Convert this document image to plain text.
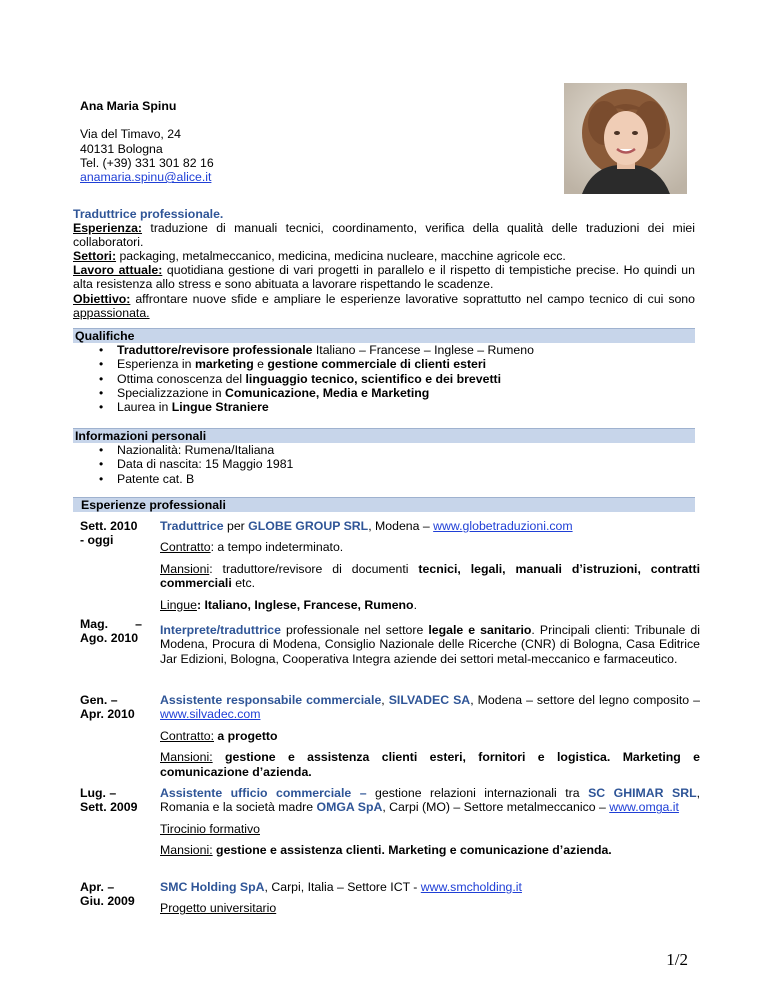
Ana Maria Spinu
Via del Timavo, 24
40131 Bologna
Tel. (+39) 331 301 82 16
anamaria.spinu@alice.it
Traduttrice professionale.
Esperienza: traduzione di manuali tecnici, coordinamento, verifica della qualità delle traduzioni dei miei collaboratori.
Settori: packaging, metalmeccanico, medicina, medicina nucleare, macchine agricole ecc.
Lavoro attuale: quotidiana gestione di vari progetti in parallelo e il rispetto di tempistiche precise. Ho quindi un alta resistenza allo stress e sono abituata a lavorare rispettando le scadenze.
Obiettivo: affrontare nuove sfide e ampliare le esperienze lavorative soprattutto nel campo tecnico di cui sono appassionata.
Qualifiche
• Traduttore/revisore professionale Italiano – Francese – Inglese – Rumeno
• Esperienza in marketing e gestione commerciale di clienti esteri
• Ottima conoscenza del linguaggio tecnico, scientifico e dei brevetti
• Specializzazione in Comunicazione, Media e Marketing
• Laurea in Lingue Straniere
Informazioni personali
• Nazionalità: Rumena/Italiana
• Data di nascita: 15 Maggio 1981
• Patente cat. B
Esperienze professionali
Sett. 2010
- oggi
Traduttrice per GLOBE GROUP SRL, Modena – www.globetraduzioni.com
Contratto: a tempo indeterminato.
Mansioni: traduttore/revisore di documenti tecnici, legali, manuali d’istruzioni, contratti commerciali etc.
Lingue: Italiano, Inglese, Francese, Rumeno.
Mag. –
Ago. 2010
Interprete/traduttrice professionale nel settore legale e sanitario. Principali clienti: Tribunale di Modena, Procura di Modena, Consiglio Nazionale delle Ricerche (CNR) di Bologna, Casa Editrice Jar Edizioni, Bologna, Cooperativa Integra aziende dei settori metal-meccanico e farmaceutico.
Gen. –
Apr. 2010
Assistente responsabile commerciale, SILVADEC SA, Modena – settore del legno composito – www.silvadec.com
Contratto: a progetto
Mansioni: gestione e assistenza clienti esteri, fornitori e logistica. Marketing e comunicazione d’azienda.
Lug. –
Sett. 2009
Assistente ufficio commerciale – gestione relazioni internazionali tra SC GHIMAR SRL, Romania e la società madre OMGA SpA, Carpi (MO) – Settore metalmeccanico – www.omga.it
Tirocinio formativo
Mansioni: gestione e assistenza clienti. Marketing e comunicazione d’azienda.
Apr. –
Giu. 2009
SMC Holding SpA, Carpi, Italia – Settore ICT - www.smcholding.it
Progetto universitario
1/2
